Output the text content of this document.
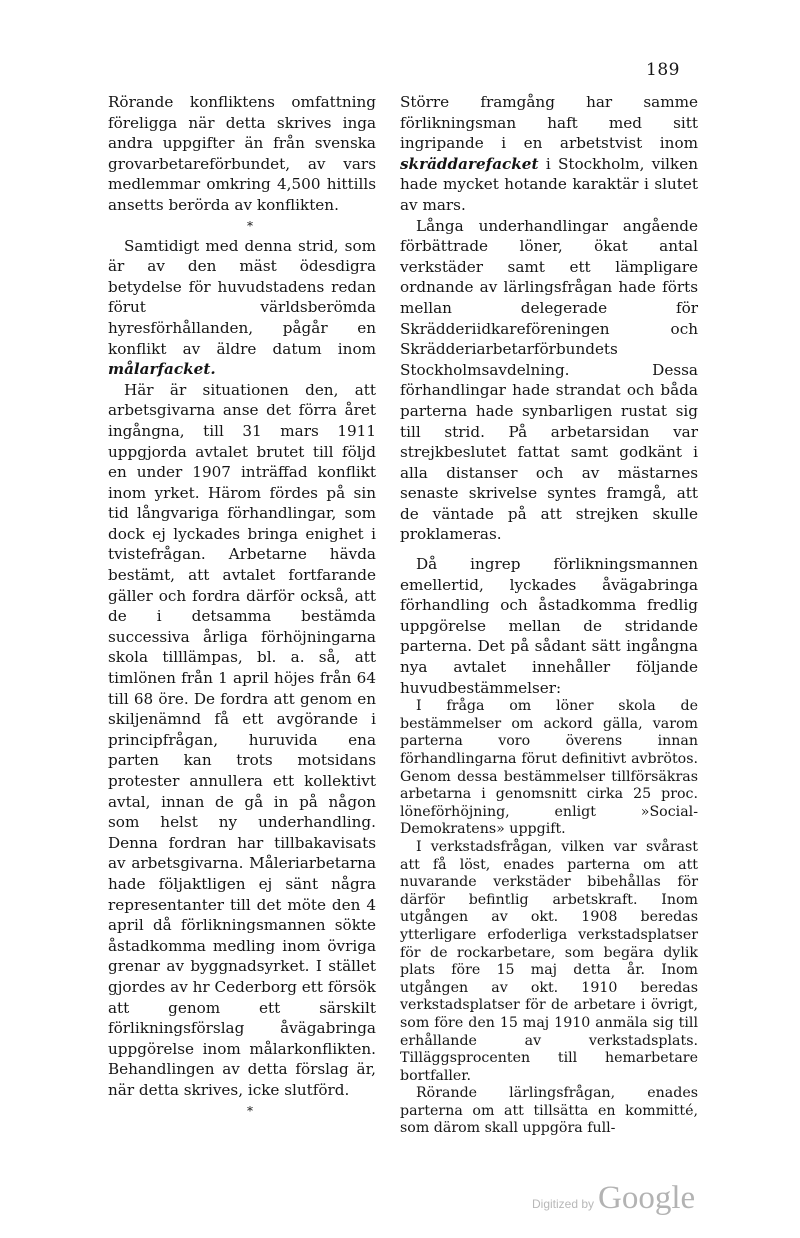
189

Rörande konfliktens omfattning föreligga när detta skrives inga andra uppgifter än från svenska grovarbetareförbundet, av vars medlemmar omkring 4,500 hittills ansetts berörda av konflikten.

*

Samtidigt med denna strid, som är av den mäst ödesdigra betydelse för huvudstadens redan förut världsberömda hyresförhållanden, pågår en konflikt av äldre datum inom målarfacket.

Här är situationen den, att arbetsgivarna anse det förra året ingångna, till 31 mars 1911 uppgjorda avtalet brutet till följd en under 1907 inträffad konflikt inom yrket. Härom fördes på sin tid långvariga förhandlingar, som dock ej lyckades bringa enighet i tvistefrågan. Arbetarne hävda bestämt, att avtalet fortfarande gäller och fordra därför också, att de i detsamma bestämda successiva årliga förhöjningarna skola tilllämpas, bl. a. så, att timlönen från 1 april höjes från 64 till 68 öre. De fordra att genom en skiljenämnd få ett avgörande i principfrågan, huruvida ena parten kan trots motsidans protester annullera ett kollektivt avtal, innan de gå in på någon som helst ny underhandling. Denna fordran har tillbakavisats av arbetsgivarna. Måleriarbetarna hade följaktligen ej sänt några representanter till det möte den 4 april då förlikningsmannen sökte åstadkomma medling inom övriga grenar av byggnadsyrket. I stället gjordes av hr Cederborg ett försök att genom ett särskilt förlikningsförslag åvägabringa uppgörelse inom målarkonflikten. Behandlingen av detta förslag är, när detta skrives, icke slutförd.

*

Större framgång har samme förlikningsman haft med sitt ingripande i en arbetstvist inom skräddarefacket i Stockholm, vilken hade mycket hotande karaktär i slutet av mars.

Långa underhandlingar angående förbättrade löner, ökat antal verkstäder samt ett lämpligare ordnande av lärlingsfrågan hade förts mellan delegerade för Skrädderiidkareföreningen och Skrädderiarbetarförbundets Stockholmsavdelning. Dessa förhandlingar hade strandat och båda parterna hade synbarligen rustat sig till strid. På arbetarsidan var strejkbeslutet fattat samt godkänt i alla distanser och av mästarnes senaste skrivelse syntes framgå, att de väntade på att strejken skulle proklameras.

Då ingrep förlikningsmannen emellertid, lyckades åvägabringa förhandling och åstadkomma fredlig uppgörelse mellan de stridande parterna. Det på sådant sätt ingångna nya avtalet innehåller följande huvudbestämmelser:

I fråga om löner skola de bestämmelser om ackord gälla, varom parterna voro överens innan förhandlingarna förut definitivt avbrötos. Genom dessa bestämmelser tillförsäkras arbetarna i genomsnitt cirka 25 proc. löneförhöjning, enligt »Social-Demokratens» uppgift.

I verkstadsfrågan, vilken var svårast att få löst, enades parterna om att nuvarande verkstäder bibehållas för därför befintlig arbetskraft. Inom utgången av okt. 1908 beredas ytterligare erfoderliga verkstadsplatser för de rockarbetare, som begära dylik plats före 15 maj detta år. Inom utgången av okt. 1910 beredas verkstadsplatser för de arbetare i övrigt, som före den 15 maj 1910 anmäla sig till erhållande av verkstadsplats. Tilläggsprocenten till hemarbetare bortfaller.

Rörande lärlingsfrågan, enades parterna om att tillsätta en kommitté, som därom skall uppgöra full-

Digitized by Google
